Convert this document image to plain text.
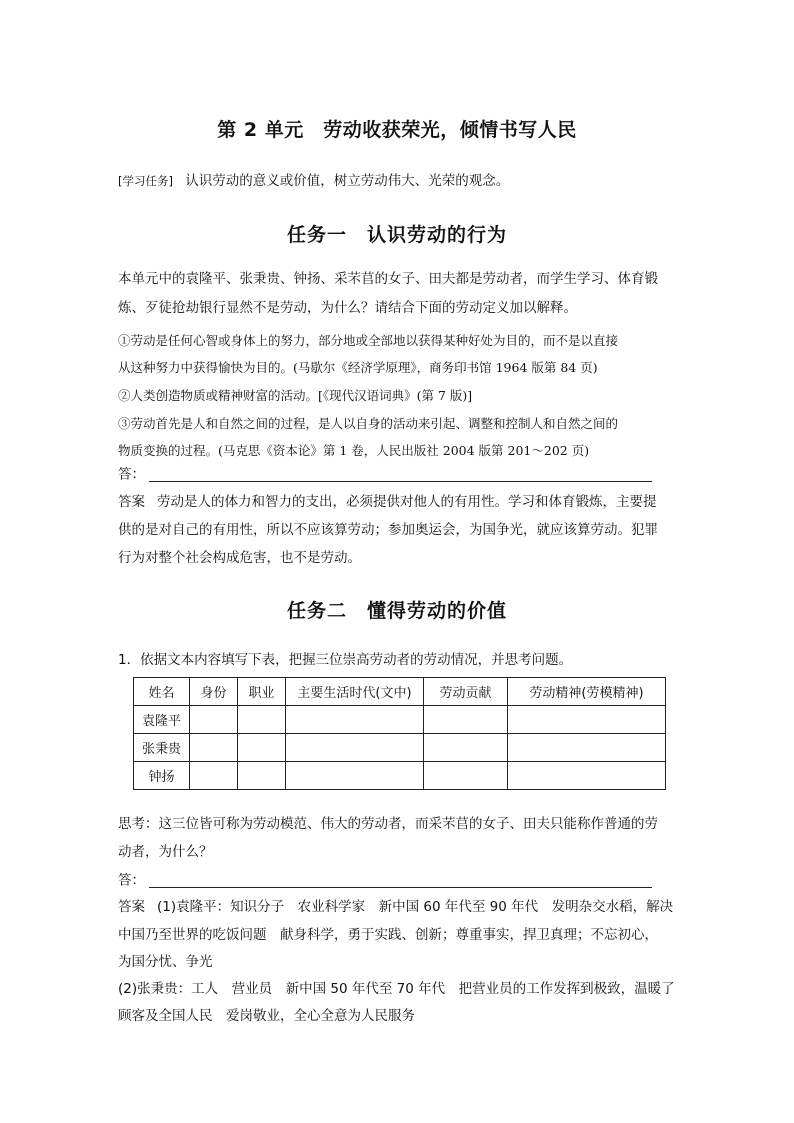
第 2 单元　劳动收获荣光，倾情书写人民
[学习任务] 认识劳动的意义或价值，树立劳动伟大、光荣的观念。
任务一　认识劳动的行为
本单元中的袁隆平、张秉贵、钟扬、采芣苢的女子、田夫都是劳动者，而学生学习、体育锻
炼、歹徒抢劫银行显然不是劳动，为什么？请结合下面的劳动定义加以解释。
①劳动是任何心智或身体上的努力，部分地或全部地以获得某种好处为目的，而不是以直接
从这种努力中获得愉快为目的。(马歇尔《经济学原理》，商务印书馆 1964 版第 84 页)
②人类创造物质或精神财富的活动。[《现代汉语词典》(第 7 版)]
③劳动首先是人和自然之间的过程，是人以自身的活动来引起、调整和控制人和自然之间的
物质变换的过程。(马克思《资本论》第 1 卷，人民出版社 2004 版第 201～202 页)
答：
答案 劳动是人的体力和智力的支出，必须提供对他人的有用性。学习和体育锻炼，主要提
供的是对自己的有用性，所以不应该算劳动；参加奥运会，为国争光，就应该算劳动。犯罪
行为对整个社会构成危害，也不是劳动。
任务二　懂得劳动的价值
1．依据文本内容填写下表，把握三位崇高劳动者的劳动情况，并思考问题。
姓名	身份	职业	主要生活时代(文中)	劳动贡献	劳动精神(劳模精神)
袁隆平					
张秉贵					
钟扬					
思考：这三位皆可称为劳动模范、伟大的劳动者，而采芣苢的女子、田夫只能称作普通的劳
动者，为什么？
答：
答案 (1)袁隆平：知识分子　农业科学家　新中国 60 年代至 90 年代　发明杂交水稻，解决
中国乃至世界的吃饭问题　献身科学，勇于实践、创新；尊重事实，捍卫真理；不忘初心，
为国分忧、争光
(2)张秉贵：工人　营业员　新中国 50 年代至 70 年代　把营业员的工作发挥到极致，温暖了
顾客及全国人民　爱岗敬业，全心全意为人民服务
